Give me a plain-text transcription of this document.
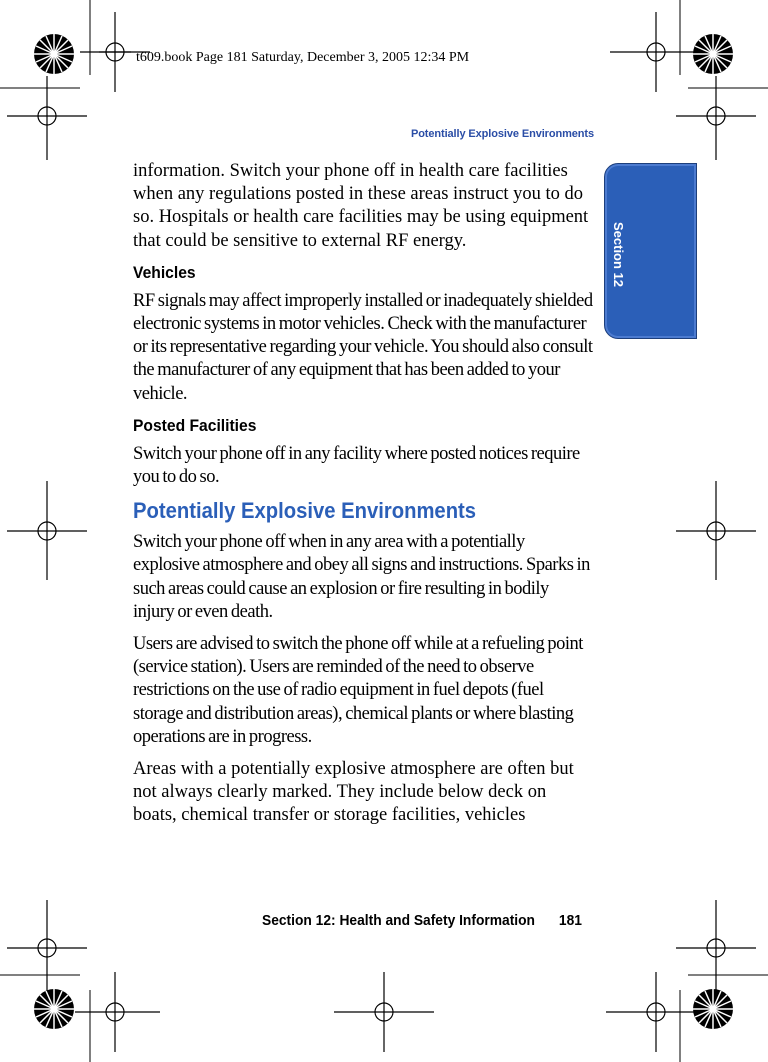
t609.book Page 181 Saturday, December 3, 2005 12:34 PM
Potentially Explosive Environments
Section 12

information. Switch your phone off in health care facilities when any regulations posted in these areas instruct you to do so. Hospitals or health care facilities may be using equipment that could be sensitive to external RF energy.

Vehicles

RF signals may affect improperly installed or inadequately shielded electronic systems in motor vehicles. Check with the manufacturer or its representative regarding your vehicle. You should also consult the manufacturer of any equipment that has been added to your vehicle.

Posted Facilities

Switch your phone off in any facility where posted notices require you to do so.

Potentially Explosive Environments

Switch your phone off when in any area with a potentially explosive atmosphere and obey all signs and instructions. Sparks in such areas could cause an explosion or fire resulting in bodily injury or even death.

Users are advised to switch the phone off while at a refueling point (service station). Users are reminded of the need to observe restrictions on the use of radio equipment in fuel depots (fuel storage and distribution areas), chemical plants or where blasting operations are in progress.

Areas with a potentially explosive atmosphere are often but not always clearly marked. They include below deck on boats, chemical transfer or storage facilities, vehicles

Section 12: Health and Safety Information 181
